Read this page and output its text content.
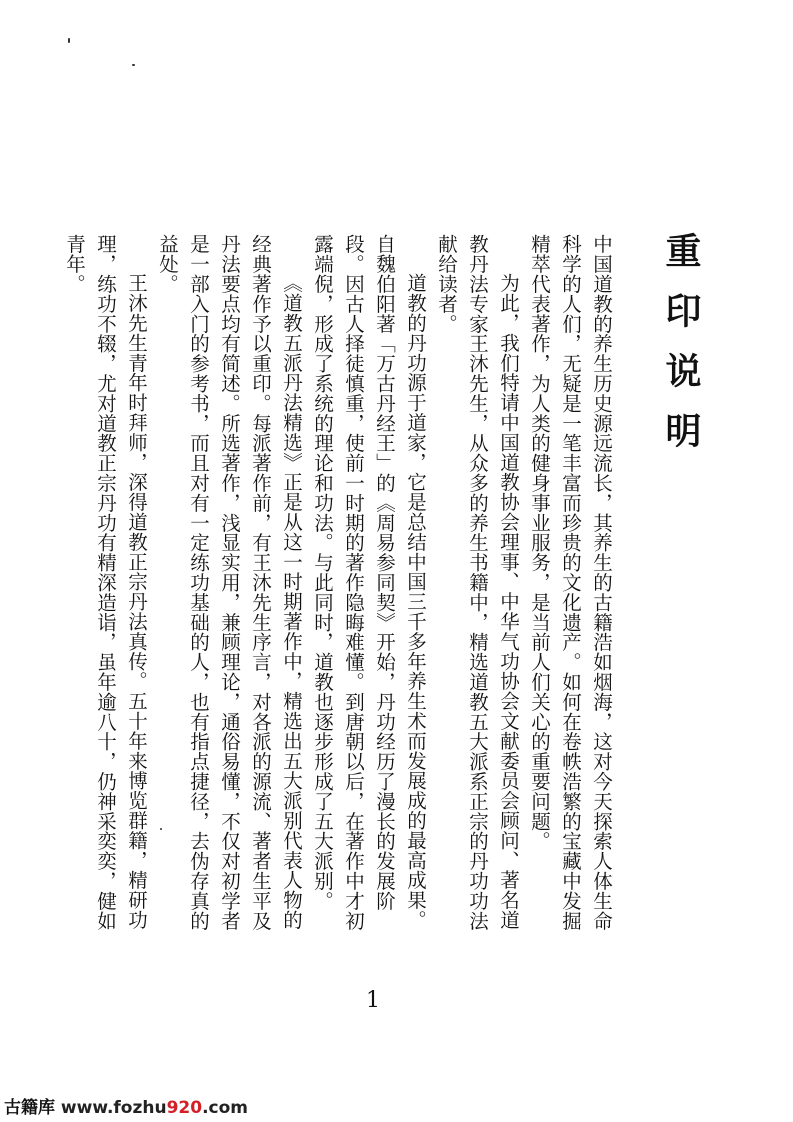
重印说明

中国道教的养生历史源远流长，其养生的古籍浩如烟海，这对今天探索人体生命科学的人们，无疑是一笔丰富而珍贵的文化遗产。如何在卷帙浩繁的宝藏中发掘精萃代表著作，为人类的健身事业服务，是当前人们关心的重要问题。

为此，我们特请中国道教协会理事、中华气功协会文献委员会顾问、著名道教丹法专家王沐先生，从众多的养生书籍中，精选道教五大派系正宗的丹功功法献给读者。

道教的丹功源于道家，它是总结中国三千多年养生术而发展成的最高成果。自魏伯阳著「万古丹经王」的《周易参同契》开始，丹功经历了漫长的发展阶段。因古人择徒慎重，使前一时期的著作隐晦难懂。到唐朝以后，在著作中才初露端倪，形成了系统的理论和功法。与此同时，道教也逐步形成了五大派别。

《道教五派丹法精选》正是从这一时期著作中，精选出五大派别代表人物的经典著作予以重印。每派著作前，有王沐先生序言，对各派的源流、著者生平及丹法要点均有简述。所选著作，浅显实用，兼顾理论，通俗易懂，不仅对初学者是一部入门的参考书，而且对有一定练功基础的人，也有指点捷径，去伪存真的益处。

王沐先生青年时拜师，深得道教正宗丹法真传。五十年来博览群籍，精研功理，练功不辍，尤对道教正宗丹功有精深造诣，虽年逾八十，仍神采奕奕，健如青年。

1
古籍库 www.fozhu920.com
